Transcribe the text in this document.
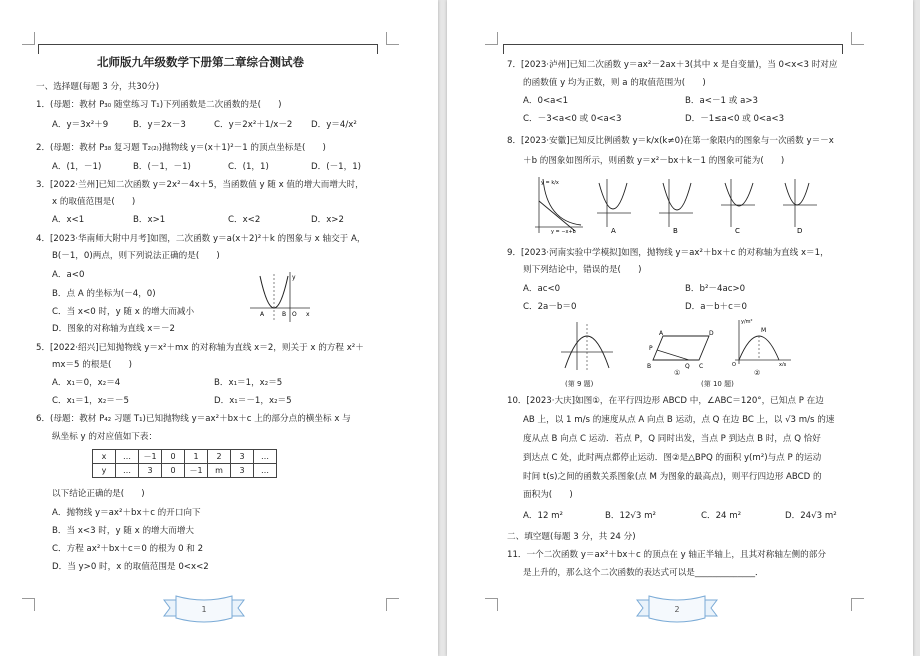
北师版九年级数学下册第二章综合测试卷
一、选择题(每题 3 分，共30分)
1．(母题：教材 P₃₀ 随堂练习 T₁)下列函数是二次函数的是(　　)
A．y＝3x²＋9	B．y＝2x－3	C．y＝2x²＋1/x－2 D．y＝4/x²
2．(母题：教材 P₃₈ 复习题 T₂₍₂₎)抛物线 y＝(x＋1)²－1 的顶点坐标是(　　)
A．(1，－1)	B．(－1，－1)	C．(1，1)	D．(－1，1)
3．[2022·兰州]已知二次函数 y＝2x²－4x＋5，当函数值 y 随 x 值的增大而增大时，
x 的取值范围是(　　)
A．x<1	B．x>1	C．x<2	D．x>2
4．[2023·华南师大附中月考]如图，二次函数 y＝a(x＋2)²＋k 的图象与 x 轴交于 A，
B(－1，0)两点，则下列说法正确的是(　　)
A．a<0
B．点 A 的坐标为(－4，0)
C．当 x<0 时，y 随 x 的增大而减小
D．图象的对称轴为直线 x＝－2
y
A	B O x
5．[2022·绍兴]已知抛物线 y＝x²＋mx 的对称轴为直线 x＝2，则关于 x 的方程 x²＋
mx＝5 的根是(　　)
A．x₁＝0，x₂＝4	B．x₁＝1，x₂＝5
C．x₁＝1，x₂＝－5	D．x₁＝－1，x₂＝5
6．(母题：教材 P₄₂ 习题 T₁)已知抛物线 y＝ax²＋bx＋c 上的部分点的横坐标 x 与
纵坐标 y 的对应值如下表：
x	…	－1	0	1	2	3	…
y	…	3	0	－1	m	3	…
以下结论正确的是(　　)
A．抛物线 y＝ax²＋bx＋c 的开口向下
B．当 x<3 时，y 随 x 的增大而增大
C．方程 ax²＋bx＋c＝0 的根为 0 和 2
D．当 y>0 时，x 的取值范围是 0<x<2
1
7．[2023·泸州]已知二次函数 y＝ax²－2ax＋3(其中 x 是自变量)，当 0<x<3 时对应
的函数值 y 均为正数，则 a 的取值范围为(　　)
A．0<a<1	B．a<－1 或 a>3
C．－3<a<0 或 0<a<3	D．－1≤a<0 或 0<a<3
8．[2023·安徽]已知反比例函数 y＝k/x(k≠0)在第一象限内的图象与一次函数 y＝－x
＋b 的图象如图所示，则函数 y＝x²－bx＋k－1 的图象可能为(　　)
y = k/x
y = −x+b	A	B	C	D
9．[2023·河南实验中学模拟]如图，抛物线 y＝ax²＋bx＋c 的对称轴为直线 x＝1，
则下列结论中，错误的是(　　)
A．ac<0	B．b²－4ac>0
C．2a－b＝0	D．a－b＋c＝0
(第 9 题)
A	D
P
B	Q C
①
y/m²
M
O	x/s
②
(第 10 题)
10．[2023·大庆]如图①，在平行四边形 ABCD 中，∠ABC＝120°，已知点 P 在边
AB 上，以 1 m/s 的速度从点 A 向点 B 运动，点 Q 在边 BC 上，以 √3 m/s 的速
度从点 B 向点 C 运动．若点 P，Q 同时出发，当点 P 到达点 B 时，点 Q 恰好
到达点 C 处，此时两点都停止运动．图②是△BPQ 的面积 y(m²)与点 P 的运动
时间 t(s)之间的函数关系图象(点 M 为图象的最高点)，则平行四边形 ABCD 的
面积为(　　)
A．12 m²	B．12√3 m²	C．24 m²	D．24√3 m²
二、填空题(每题 3 分，共 24 分)
11．一个二次函数 y＝ax²＋bx＋c 的顶点在 y 轴正半轴上，且其对称轴左侧的部分
是上升的，那么这个二次函数的表达式可以是______________．
2
